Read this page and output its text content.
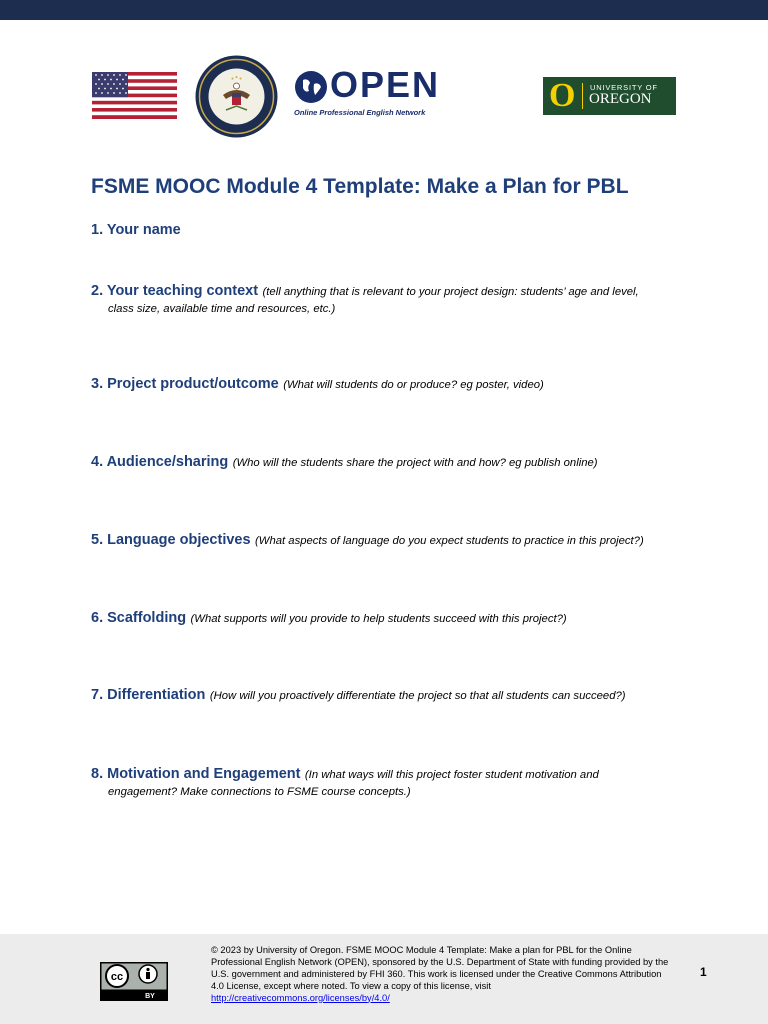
OPEN
Online Professional English Network	O UNIVERSITY OF
OREGON
FSME MOOC Module 4 Template: Make a Plan for PBL
1. Your name
2. Your teaching context (tell anything that is relevant to your project design: students’ age and level,
class size, available time and resources, etc.)
3. Project product/outcome (What will students do or produce? eg poster, video)
4. Audience/sharing (Who will the students share the project with and how? eg publish online)
5. Language objectives (What aspects of language do you expect students to practice in this project?)
6. Scaffolding (What supports will you provide to help students succeed with this project?)
7. Differentiation (How will you proactively differentiate the project so that all students can succeed?)
8. Motivation and Engagement (In what ways will this project foster student motivation and
engagement? Make connections to FSME course concepts.)
cc
BY
© 2023 by University of Oregon. FSME MOOC Module 4 Template: Make a plan for PBL for the Online Professional English Network (OPEN), sponsored by the U.S. Department of State with funding provided by the U.S. government and administered by FHI 360. This work is licensed under the Creative Commons Attribution 4.0 License, except where noted. To view a copy of this license, visit http://creativecommons.org/licenses/by/4.0/
1
